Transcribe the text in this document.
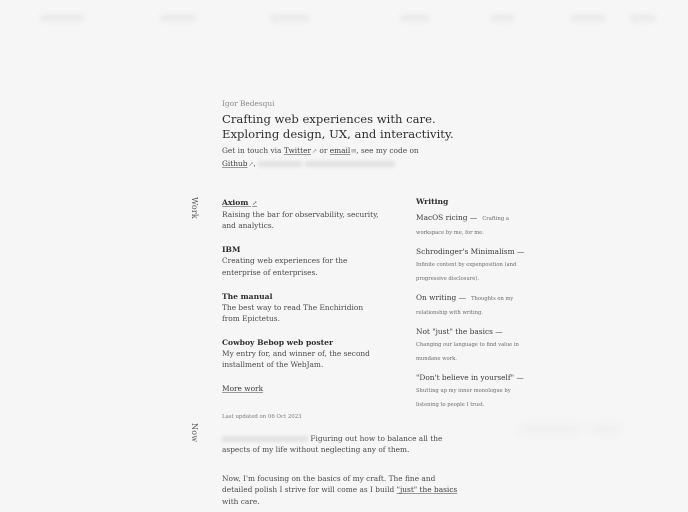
Igor Bedesqui
Crafting web experiences with care.
Exploring design, UX, and interactivity.
Get in touch via Twitter↗ or email✉, see my code on
Github↗,
Work	Axiom ↗
Raising the bar for observability, security, and analytics.
IBM
Creating web experiences for the enterprise of enterprises.
The manual
The best way to read The Enchiridion from Epictetus.
Cowboy Bebop web poster
My entry for, and winner of, the second installment of the WebJam.
More work
Writing
MacOS ricing — Crafting a workspace by me, for me.
Schrodinger's Minimalism — Infinite content by expenposition (and progressive disclosure).
On writing — Thoughts on my relationship with writing.
Not "just" the basics — Changing our language to find value in mundane work.
"Don't believe in yourself" — Shutting up my inner monologue by listening to people I trust.
Last updated on 06 Oct 2023
Now	Figuring out how to balance all the aspects of my life without neglecting any of them.
Now, I'm focusing on the basics of my craft. The fine and detailed polish I strive for will come as I build "just" the basics with care.
